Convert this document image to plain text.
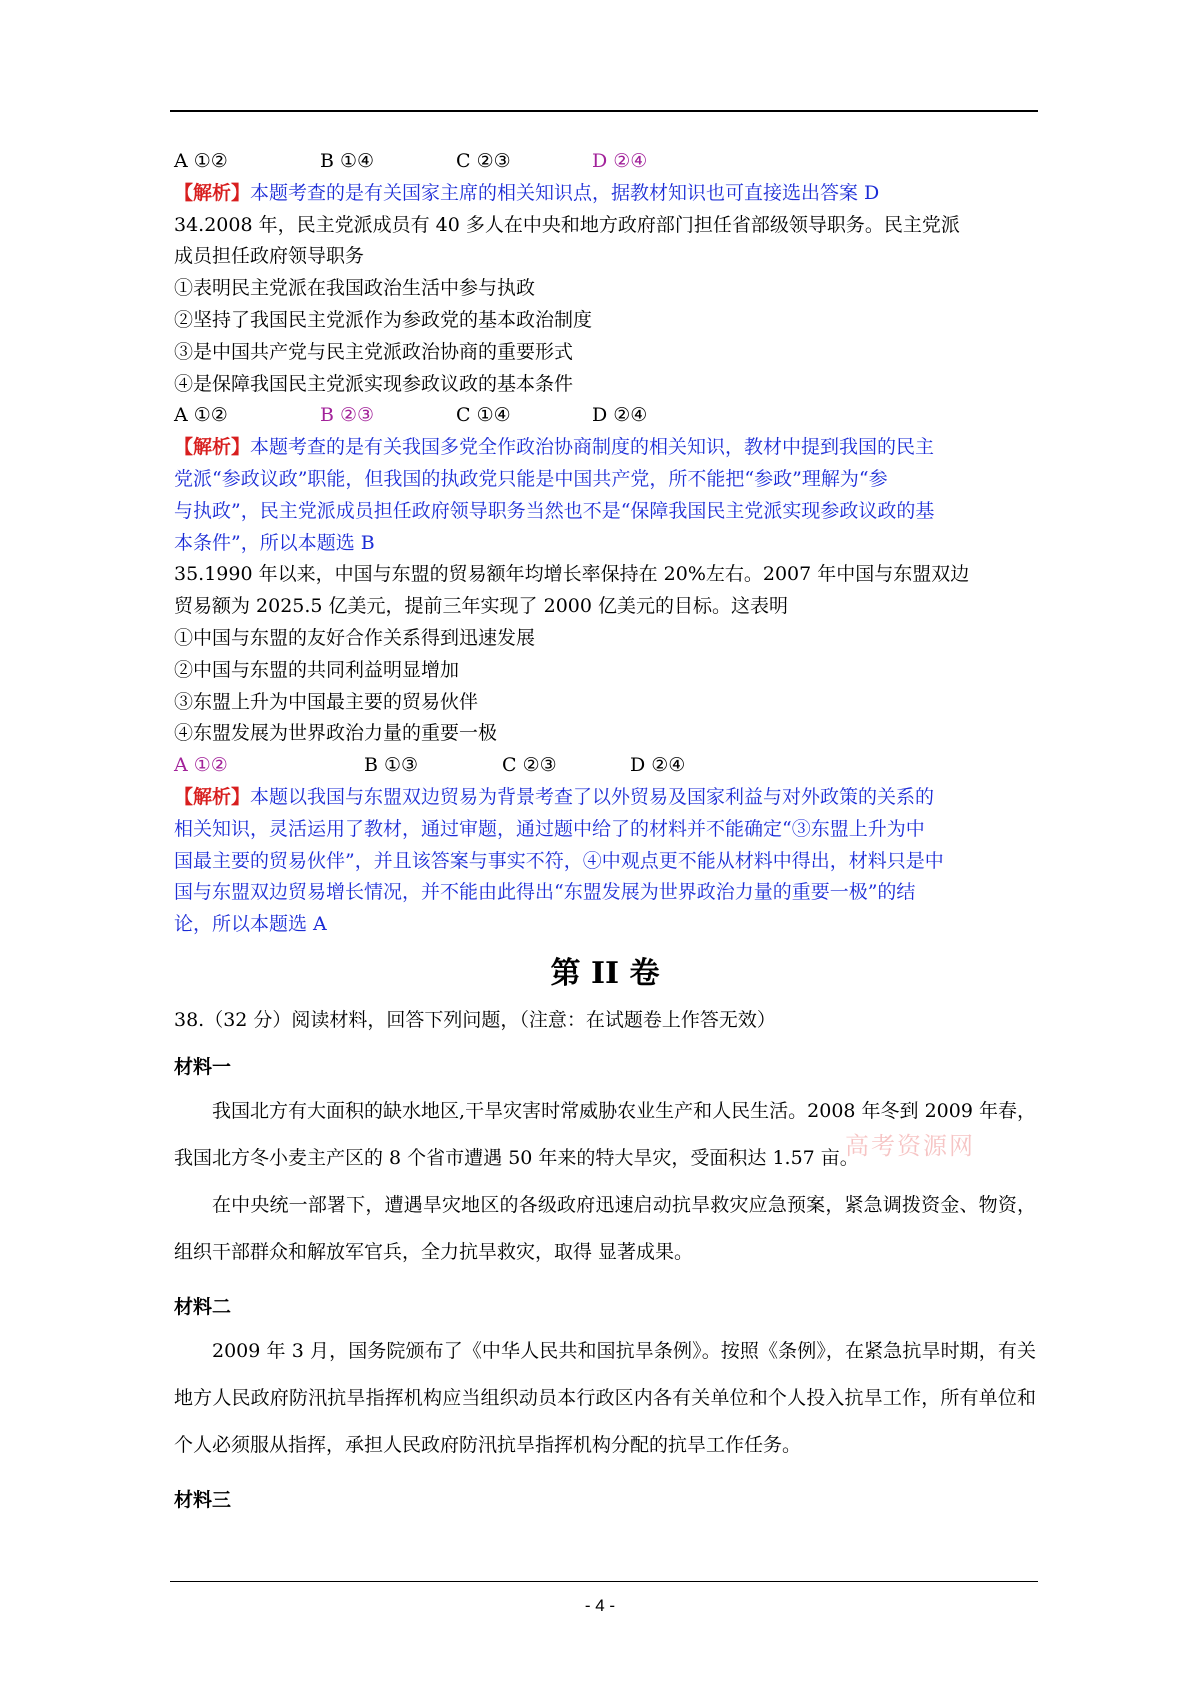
A ①②	B ①④	C ②③	D ②④
【解析】本题考查的是有关国家主席的相关知识点，据教材知识也可直接选出答案 D
34.2008 年，民主党派成员有 40 多人在中央和地方政府部门担任省部级领导职务。民主党派
成员担任政府领导职务
①表明民主党派在我国政治生活中参与执政
②坚持了我国民主党派作为参政党的基本政治制度
③是中国共产党与民主党派政治协商的重要形式
④是保障我国民主党派实现参政议政的基本条件
A ①②	B ②③	C ①④	D ②④
【解析】本题考查的是有关我国多党全作政治协商制度的相关知识，教材中提到我国的民主
党派“参政议政”职能，但我国的执政党只能是中国共产党，所不能把“参政”理解为“参
与执政”，民主党派成员担任政府领导职务当然也不是“保障我国民主党派实现参政议政的基
本条件”，所以本题选 B
35.1990 年以来，中国与东盟的贸易额年均增长率保持在 20%左右。2007 年中国与东盟双边
贸易额为 2025.5 亿美元，提前三年实现了 2000 亿美元的目标。这表明
①中国与东盟的友好合作关系得到迅速发展
②中国与东盟的共同利益明显增加
③东盟上升为中国最主要的贸易伙伴
④东盟发展为世界政治力量的重要一极
A ①②	B ①③	C ②③	D ②④
【解析】本题以我国与东盟双边贸易为背景考查了以外贸易及国家利益与对外政策的关系的
相关知识，灵活运用了教材，通过审题，通过题中给了的材料并不能确定“③东盟上升为中
国最主要的贸易伙伴”，并且该答案与事实不符，④中观点更不能从材料中得出，材料只是中
国与东盟双边贸易增长情况，并不能由此得出“东盟发展为世界政治力量的重要一极”的结
论，所以本题选 A
第 II 卷
38.（32 分）阅读材料，回答下列问题，（注意：在试题卷上作答无效）
材料一
我国北方有大面积的缺水地区,干旱灾害时常威胁农业生产和人民生活。2008 年冬到 2009 年春，我国北方冬小麦主产区的 8 个省市遭遇 50 年来的特大旱灾，受面积达 1.57 亩。
在中央统一部署下，遭遇旱灾地区的各级政府迅速启动抗旱救灾应急预案，紧急调拨资金、物资，组织干部群众和解放军官兵，全力抗旱救灾，取得 显著成果。
材料二
2009 年 3 月，国务院颁布了《中华人民共和国抗旱条例》。按照《条例》，在紧急抗旱时期，有关地方人民政府防汛抗旱指挥机构应当组织动员本行政区内各有关单位和个人投入抗旱工作，所有单位和个人必须服从指挥，承担人民政府防汛抗旱指挥机构分配的抗旱工作任务。
材料三
高考资源网
- 4 -
